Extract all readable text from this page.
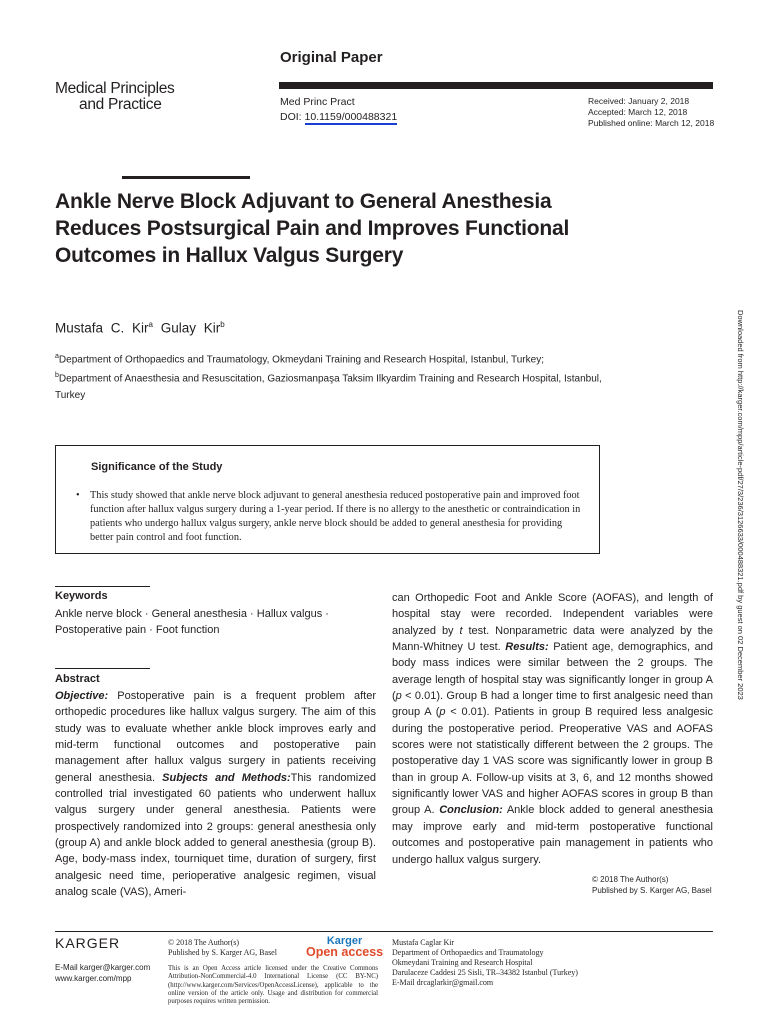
Medical Principles
and Practice
Original Paper
Med Princ Pract
DOI: 10.1159/000488321
Received: January 2, 2018
Accepted: March 12, 2018
Published online: March 12, 2018
Ankle Nerve Block Adjuvant to General Anesthesia Reduces Postsurgical Pain and Improves Functional Outcomes in Hallux Valgus Surgery
Mustafa C. Kir$^a$ Gulay Kir$^b$
$^a$Department of Orthopaedics and Traumatology, Okmeydani Training and Research Hospital, Istanbul, Turkey;
$^b$Department of Anaesthesia and Resuscitation, Gaziosmanpaşa Taksim Ilkyardim Training and Research Hospital, Istanbul, Turkey	Downloaded from http://karger.com/mpp/article-pdf/27/3/236/3126633/000488321.pdf by guest on 02 December 2023
Significance of the Study
•	This study showed that ankle nerve block adjuvant to general anesthesia reduced postoperative pain and improved foot function after hallux valgus surgery during a 1-year period. If there is no allergy to the anesthetic or contraindication in patients who undergo hallux valgus surgery, ankle nerve block should be added to general anesthesia for providing better pain control and foot function.
Keywords
Ankle nerve block · General anesthesia · Hallux valgus · Postoperative pain · Foot function
Abstract
Objective: Postoperative pain is a frequent problem after orthopedic procedures like hallux valgus surgery. The aim of this study was to evaluate whether ankle block improves early and mid-term functional outcomes and postoperative pain management after hallux valgus surgery in patients receiving general anesthesia. Subjects and Methods:This randomized controlled trial investigated 60 patients who underwent hallux valgus surgery under general anesthesia. Patients were prospectively randomized into 2 groups: general anesthesia only (group A) and ankle block added to general anesthesia (group B). Age, body-mass index, tourniquet time, duration of surgery, first analgesic need time, perioperative analgesic regimen, visual analog scale (VAS), Ameri-
can Orthopedic Foot and Ankle Score (AOFAS), and length of hospital stay were recorded. Independent variables were analyzed by t test. Nonparametric data were analyzed by the Mann-Whitney U test. Results: Patient age, demographics, and body mass indices were similar between the 2 groups. The average length of hospital stay was significantly longer in group A (p < 0.01). Group B had a longer time to first analgesic need than group A (p < 0.01). Patients in group B required less analgesic during the postoperative period. Preoperative VAS and AOFAS scores were not statistically different between the 2 groups. The postoperative day 1 VAS score was significantly lower in group B than in group A. Follow-up visits at 3, 6, and 12 months showed significantly lower VAS and higher AOFAS scores in group B than group A. Conclusion: Ankle block added to general anesthesia may improve early and mid-term postoperative functional outcomes and postoperative pain management in patients who undergo hallux valgus surgery.
© 2018 The Author(s)
Published by S. Karger AG, Basel
KARGER
E-Mail karger@karger.com
www.karger.com/mpp
© 2018 The Author(s)
Published by S. Karger AG, Basel
Karger
Open access
This is an Open Access article licensed under the Creative Commons Attribution-NonCommercial-4.0 International License (CC BY-NC) (http://www.karger.com/Services/OpenAccessLicense), applicable to the online version of the article only. Usage and distribution for commercial purposes requires written permission.
Mustafa Caglar Kir
Department of Orthopaedics and Traumatology
Okmeydani Training and Research Hospital
Darulaceze Caddesi 25 Sisli, TR–34382 Istanbul (Turkey)
E-Mail drcaglarkir@gmail.com
